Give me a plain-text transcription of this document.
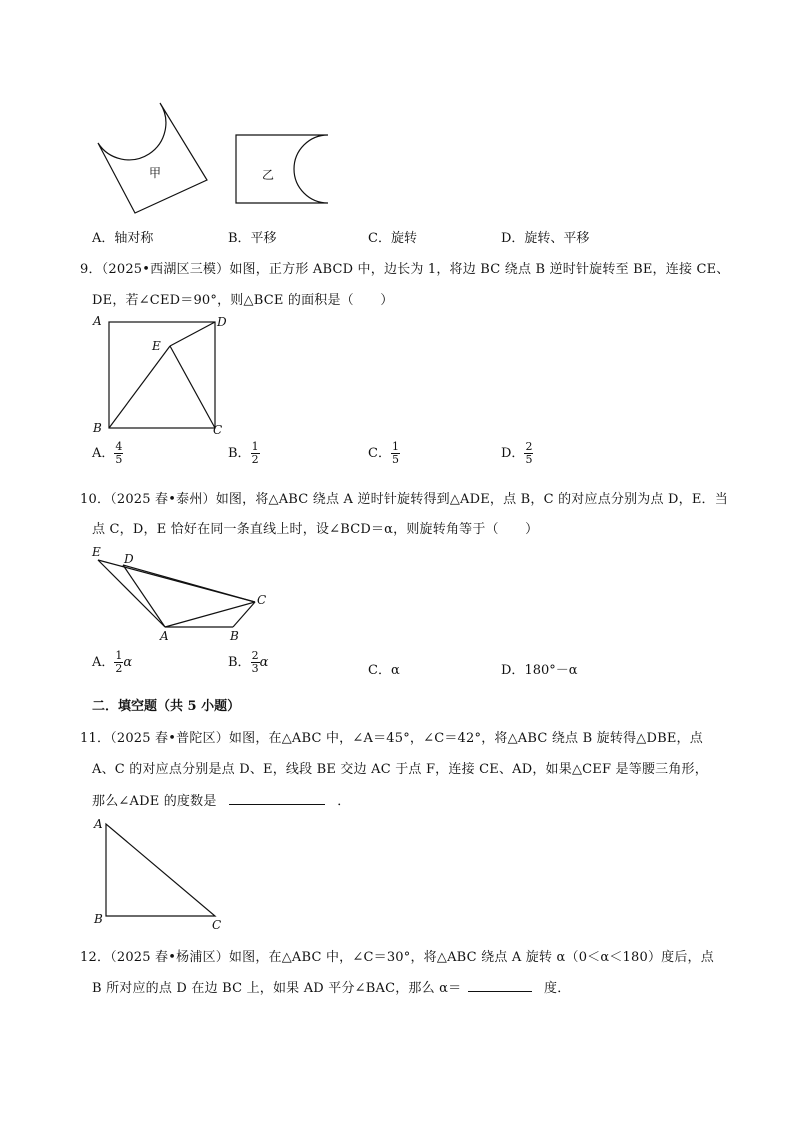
甲	乙
A．轴对称	B．平移	C．旋转	D．旋转、平移
9．（2025•西湖区三模）如图，正方形 ABCD 中，边长为 1，将边 BC 绕点 B 逆时针旋转至 BE，连接 CE、
DE，若∠CED＝90°，则△BCE 的面积是（　　）
A	D
E
B	C
A． $\frac{4}{5}$	B． $\frac{1}{2}$	C． $\frac{1}{5}$	D． $\frac{2}{5}$
10．（2025 春•泰州）如图，将△ABC 绕点 A 逆时针旋转得到△ADE，点 B，C 的对应点分别为点 D，E．当
点 C，D，E 恰好在同一条直线上时，设∠BCD＝α，则旋转角等于（　　）
E D
C
A	B
A． $\frac{1}{2}$ α	B． $\frac{2}{3}$ α
C．α	D．180°－α
二．填空题（共 5 小题）
11．（2025 春•普陀区）如图，在△ABC 中，∠A＝45°，∠C＝42°，将△ABC 绕点 B 旋转得△DBE，点
A、C 的对应点分别是点 D、E，线段 BE 交边 AC 于点 F，连接 CE、AD，如果△CEF 是等腰三角形，
那么∠ADE 的度数是	．
A
B	C
12．（2025 春•杨浦区）如图，在△ABC 中，∠C＝30°，将△ABC 绕点 A 旋转 α（0＜α＜180）度后，点
B 所对应的点 D 在边 BC 上，如果 AD 平分∠BAC，那么 α＝	度．
